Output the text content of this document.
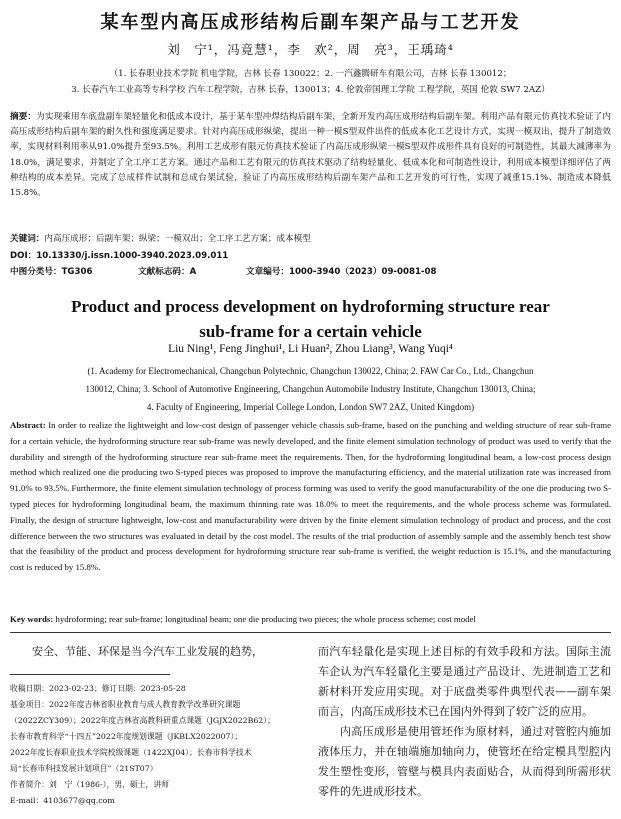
某车型内高压成形结构后副车架产品与工艺开发
刘　宁¹，冯竟慧¹，李　欢²，周　亮³，王瑀琦⁴
（1. 长春职业技术学院 机电学院，吉林 长春 130022；2. 一汽鑫腾研车有限公司，吉林 长春 130012；
3. 长春汽车工业高等专科学校 汽车工程学院，吉林 长春，130013；4. 伦敦帝国理工学院 工程学院，英国 伦敦 SW7 2AZ）
摘要：为实现乘用车底盘副车架轻量化和低成本设计，基于某车型冲焊结构后副车架，全新开发内高压成形结构后副车架。利用产品有限元仿真技术验证了内高压成形结构后副车架的耐久性和强度满足要求。针对内高压成形纵梁，提出一种一模S型双件出件的低成本化工艺设计方式，实现一模双出，提升了制造效率，实现材料利用率从91.0%提升至93.5%。利用工艺成形有限元仿真技术验证了内高压成形纵梁一模S型双件成形件具有良好的可制造性，其最大减薄率为18.0%，满足要求，并制定了全工序工艺方案。通过产品和工艺有限元的仿真技术驱动了结构轻量化、低成本化和可制造性设计，利用成本模型详细评估了两种结构的成本差异。完成了总成样件试制和总成台架试验，验证了内高压成形结构后副车架产品和工艺开发的可行性，实现了减重15.1%、制造成本降低15.8%。
关键词：内高压成形；后副车架；纵梁；一模双出；全工序工艺方案；成本模型
DOI：10.13330/j.issn.1000-3940.2023.09.011
中图分类号：TG306	文献标志码：A	文章编号：1000-3940（2023）09-0081-08
Product and process development on hydroforming structure rear
sub-frame for a certain vehicle
Liu Ning¹, Feng Jinghui¹, Li Huan², Zhou Liang³, Wang Yuqi⁴
(1. Academy for Electromechanical, Changchun Polytechnic, Changchun 130022, China; 2. FAW Car Co., Ltd., Changchun
130012, China; 3. School of Automotive Engineering, Changchun Automobile Industry Institute, Changchun 130013, China;
4. Faculty of Engineering, Imperial College London, London SW7 2AZ, United Kingdom)
Abstract: In order to realize the lightweight and low-cost design of passenger vehicle chassis sub-frame, based on the punching and welding structure of rear sub-frame for a certain vehicle, the hydroforming structure rear sub-frame was newly developed, and the finite element simulation technology of product was used to verify that the durability and strength of the hydroforming structure rear sub-frame meet the requirements. Then, for the hydroforming longitudinal beam, a low-cost process design method which realized one die producing two S-typed pieces was proposed to improve the manufacturing efficiency, and the material utilization rate was increased from 91.0% to 93.5%. Furthermore, the finite element simulation technology of process forming was used to verify the good manufacturability of the one die producing two S-typed pieces for hydroforming longitudinal beam, the maximum thinning rate was 18.0% to meet the requirements, and the whole process scheme was formulated. Finally, the design of structure lightweight, low-cost and manufacturability were driven by the finite element simulation technology of product and process, and the cost difference between the two structures was evaluated in detail by the cost model. The results of the trial production of assembly sample and the assembly bench test show that the feasibility of the product and process development for hydroforming structure rear sub-frame is verified, the weight reduction is 15.1%, and the manufacturing cost is reduced by 15.8%.
Key words: hydroforming; rear sub-frame; longitudinal beam; one die producing two pieces; the whole process scheme; cost model

安全、节能、环保是当今汽车工业发展的趋势，

收稿日期：2023-02-23；修订日期：2023-05-28

基金项目：2022年度吉林省职业教育与成人教育教学改革研究课题

（2022ZCY309）；2022年度吉林省高教科研重点课题（JGJX2022B62）；

长春市教育科学“十四五”2022年度规划课题（JKBLX2022007）；

2022年度长春职业技术学院校级课题（1422XJ04）；长春市科学技术

局“长春市科技发展计划项目”（21ST07）

作者简介：刘　宁（1986-），男，硕士，讲师

E-mail：4103677@qq.com

而汽车轻量化是实现上述目标的有效手段和方法。国际主流车企认为汽车轻量化主要是通过产品设计、先进制造工艺和新材料开发应用实现。对于底盘类零件典型代表——副车架而言，内高压成形技术已在国内外得到了较广泛的应用。

内高压成形是使用管坯作为原材料，通过对管腔内施加液体压力，并在轴端施加轴向力，使管坯在给定模具型腔内发生塑性变形，管壁与模具内表面贴合，从而得到所需形状零件的先进成形技术。
